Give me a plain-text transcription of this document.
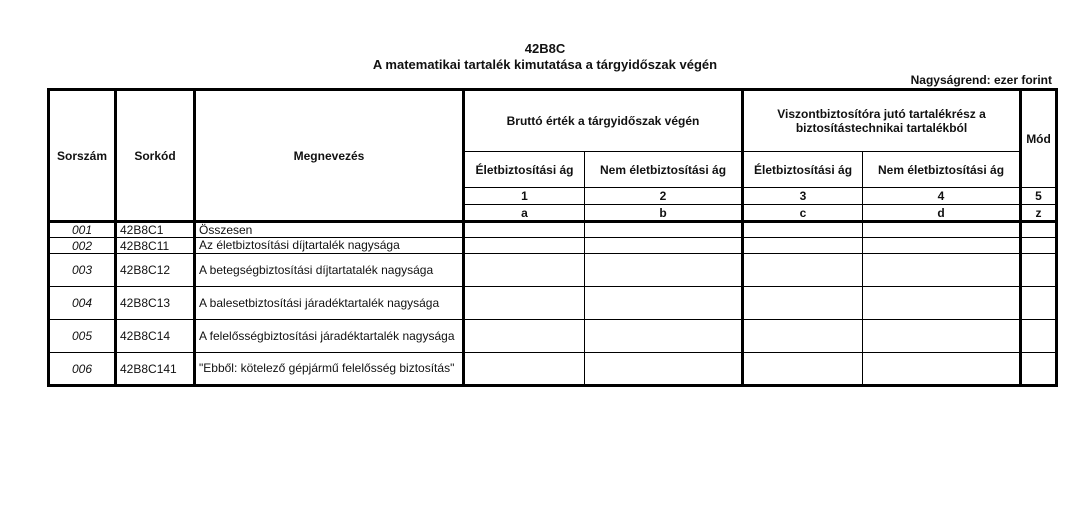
42B8C
A matematikai tartalék kimutatása a tárgyidőszak végén
Nagyságrend: ezer forint
Sorszám	Sorkód	Megnevezés	Bruttó érték a tárgyidőszak végén		Viszontbiztosítóra jutó tartalékrész a biztosítástechnikai tartalékból		Mód
			Életbiztosítási ág	Nem életbiztosítási ág	Életbiztosítási ág	Nem életbiztosítási ág	
			1	2	3	4	5
			a	b	c	d	z
001	42B8C1	Összesen					
002	42B8C11	Az életbiztosítási díjtartalék nagysága					
003	42B8C12	A betegségbiztosítási díjtartatalék nagysága					
004	42B8C13	A balesetbiztosítási járadéktartalék nagysága					
005	42B8C14	A felelősségbiztosítási járadéktartalék nagysága					
006	42B8C141	"Ebből: kötelező gépjármű felelősség biztosítás"					
